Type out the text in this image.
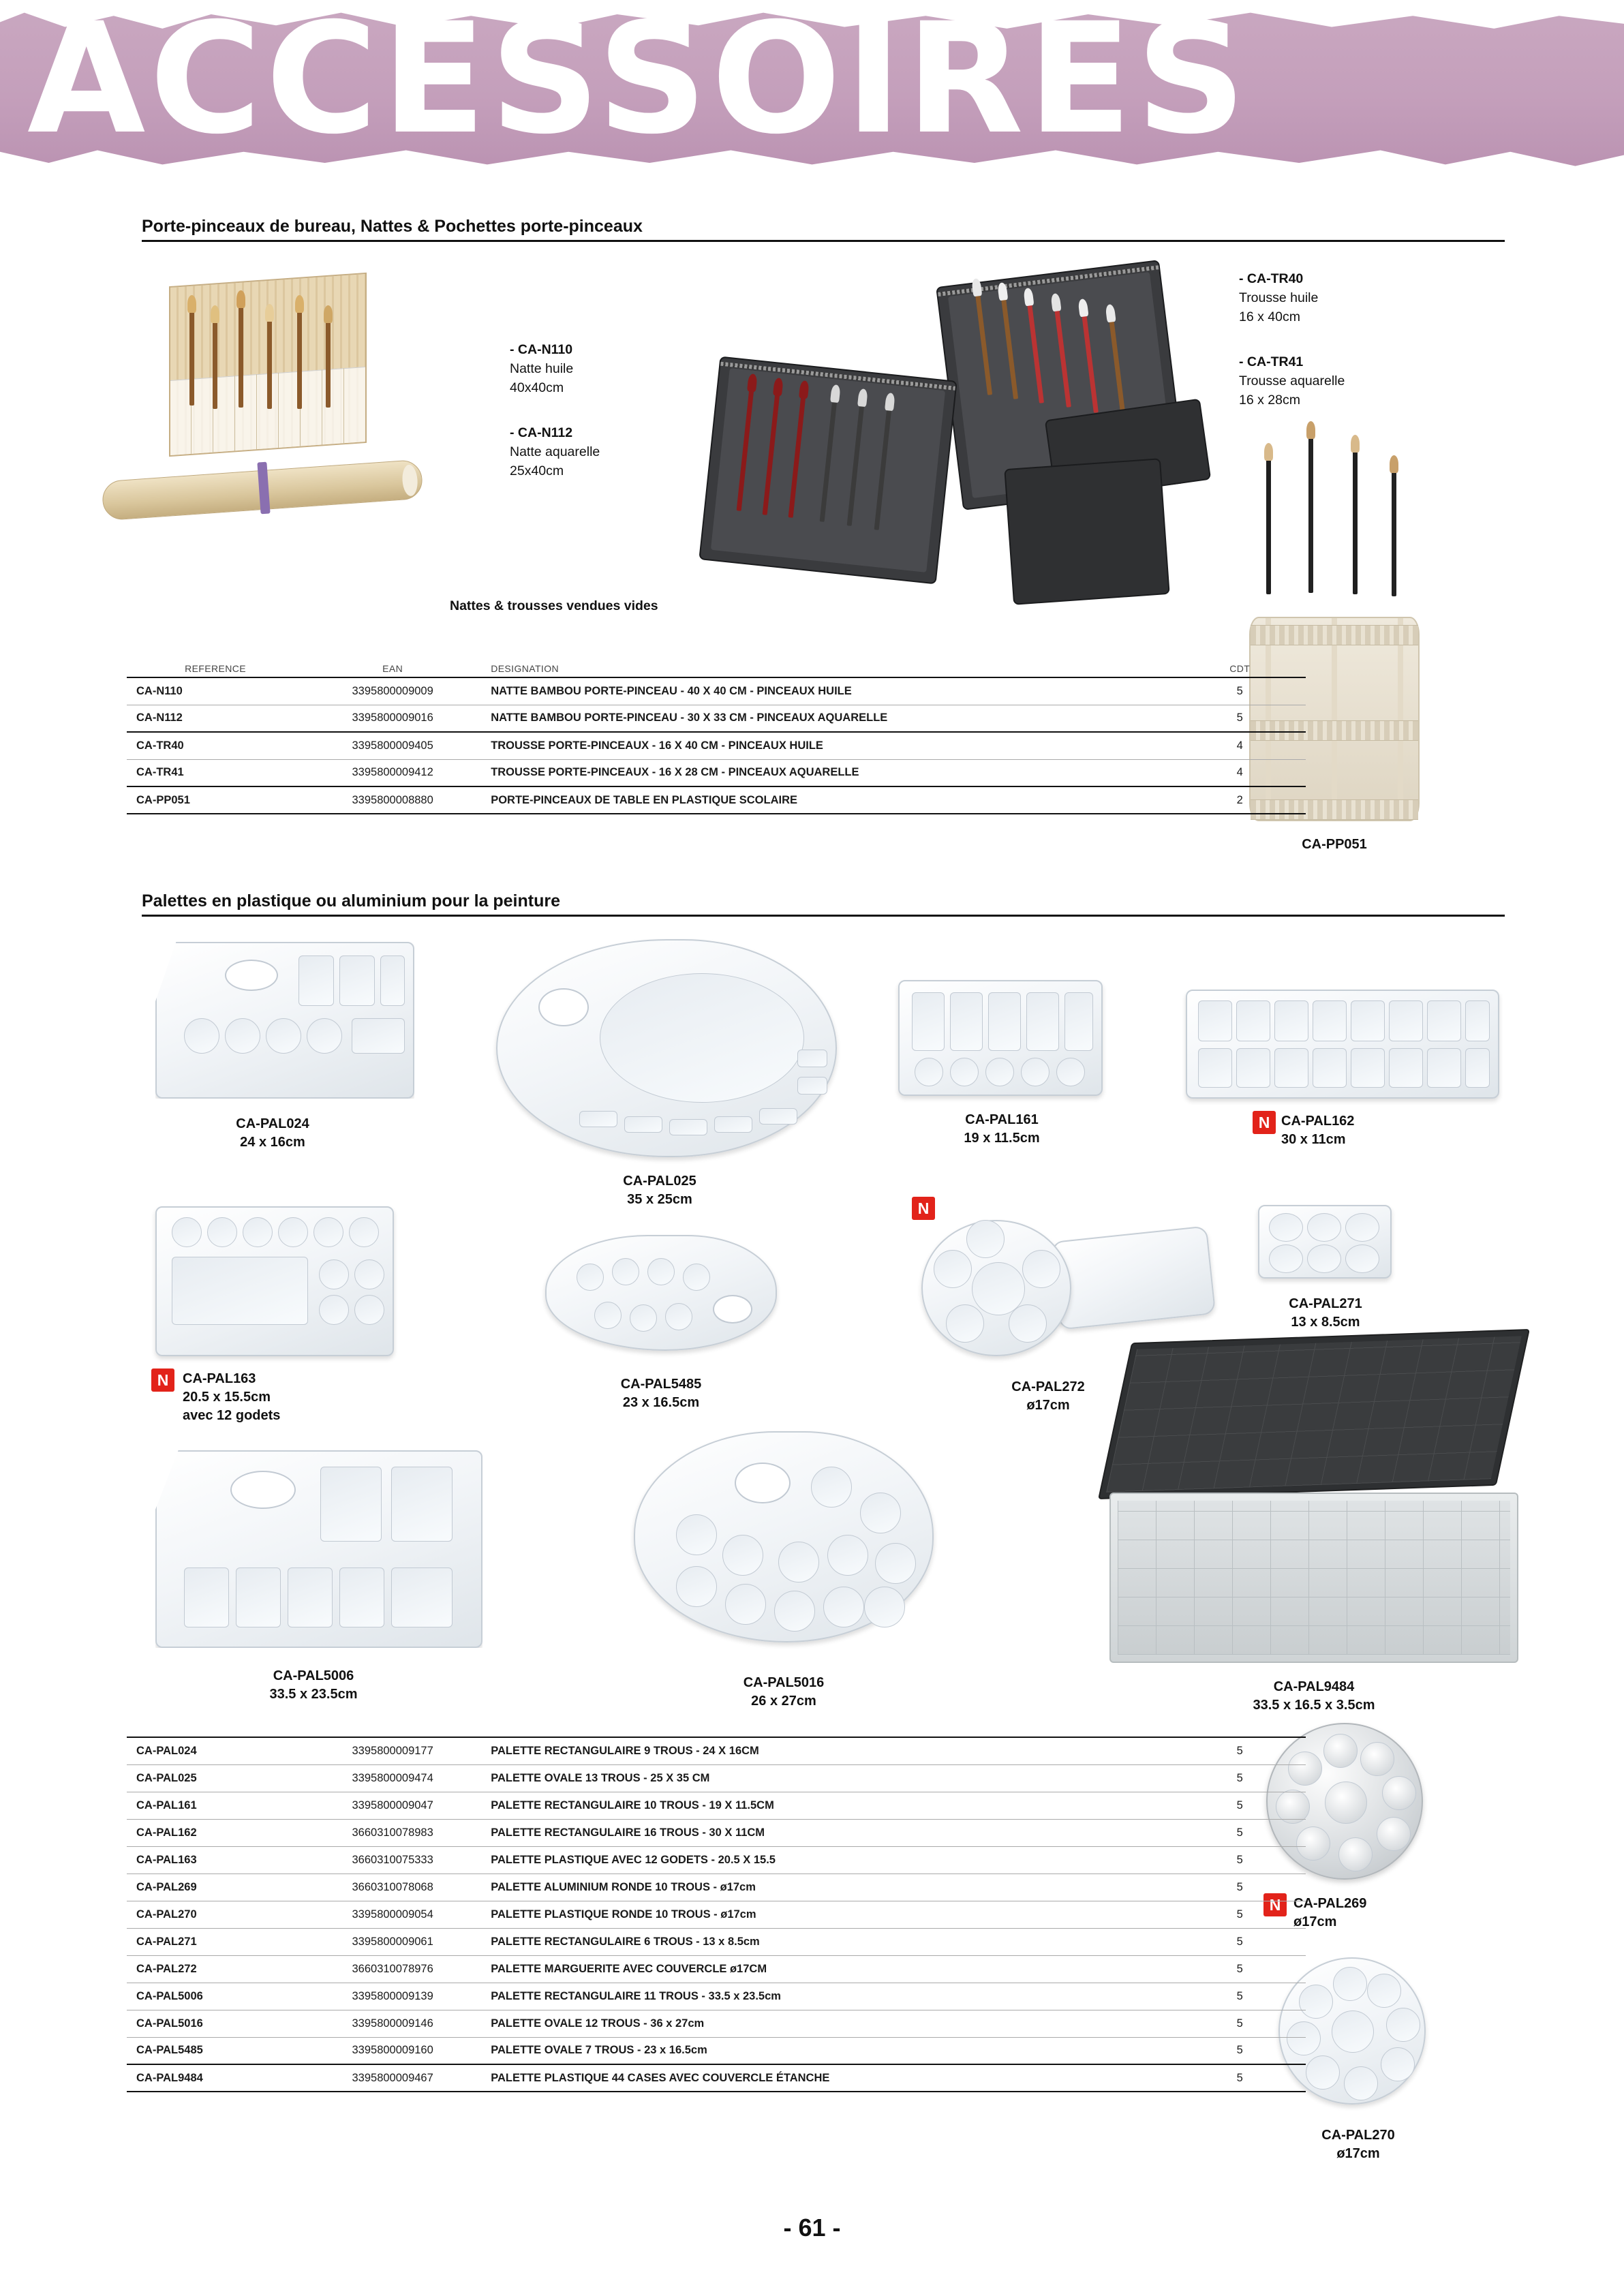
ACCESSOIRES
Porte-pinceaux de bureau, Nattes & Pochettes porte-pinceaux
- CA-N110
Natte huile
40x40cm
- CA-N112
Natte aquarelle
25x40cm
- CA-TR40
Trousse huile
16 x 40cm
- CA-TR41
Trousse aquarelle
16 x 28cm
Nattes & trousses vendues vides
CA-PP051
REFERENCE	EAN	DESIGNATION	CDT
CA-N110	3395800009009	NATTE BAMBOU PORTE-PINCEAU - 40 X 40 CM - PINCEAUX HUILE	5
CA-N112	3395800009016	NATTE BAMBOU PORTE-PINCEAU - 30 X 33 CM - PINCEAUX AQUARELLE	5
CA-TR40	3395800009405	TROUSSE PORTE-PINCEAUX - 16 X 40 CM - PINCEAUX HUILE	4
CA-TR41	3395800009412	TROUSSE PORTE-PINCEAUX - 16 X 28 CM - PINCEAUX AQUARELLE	4
CA-PP051	3395800008880	PORTE-PINCEAUX DE TABLE EN PLASTIQUE SCOLAIRE	2
Palettes en plastique ou aluminium pour la peinture
CA-PAL024
24 x 16cm
CA-PAL025
35 x 25cm
CA-PAL161
19 x 11.5cm
N CA-PAL162
30 x 11cm
N	CA-PAL163
20.5 x 15.5cm
avec 12 godets
CA-PAL5485
23 x 16.5cm
N
CA-PAL272
ø17cm
CA-PAL271
13 x 8.5cm
CA-PAL5006
33.5 x 23.5cm
CA-PAL5016
26 x 27cm
CA-PAL9484
33.5 x 16.5 x 3.5cm
N CA-PAL269
ø17cm
CA-PAL270
ø17cm
CA-PAL024	3395800009177	PALETTE RECTANGULAIRE 9 TROUS - 24 X 16CM	5
CA-PAL025	3395800009474	PALETTE OVALE 13 TROUS - 25 X 35 CM	5
CA-PAL161	3395800009047	PALETTE RECTANGULAIRE 10 TROUS - 19 X 11.5CM	5
CA-PAL162	3660310078983	PALETTE RECTANGULAIRE 16 TROUS - 30 X 11CM	5
CA-PAL163	3660310075333	PALETTE PLASTIQUE AVEC 12 GODETS - 20.5 X 15.5	5
CA-PAL269	3660310078068	PALETTE ALUMINIUM RONDE 10 TROUS - ø17cm	5
CA-PAL270	3395800009054	PALETTE PLASTIQUE RONDE 10 TROUS - ø17cm	5
CA-PAL271	3395800009061	PALETTE RECTANGULAIRE 6 TROUS - 13 x 8.5cm	5
CA-PAL272	3660310078976	PALETTE MARGUERITE AVEC COUVERCLE ø17CM	5
CA-PAL5006	3395800009139	PALETTE RECTANGULAIRE 11 TROUS - 33.5 x 23.5cm	5
CA-PAL5016	3395800009146	PALETTE OVALE 12 TROUS - 36 x 27cm	5
CA-PAL5485	3395800009160	PALETTE OVALE 7 TROUS - 23 x 16.5cm	5
CA-PAL9484	3395800009467	PALETTE PLASTIQUE 44 CASES AVEC COUVERCLE ÉTANCHE	5
- 61 -
